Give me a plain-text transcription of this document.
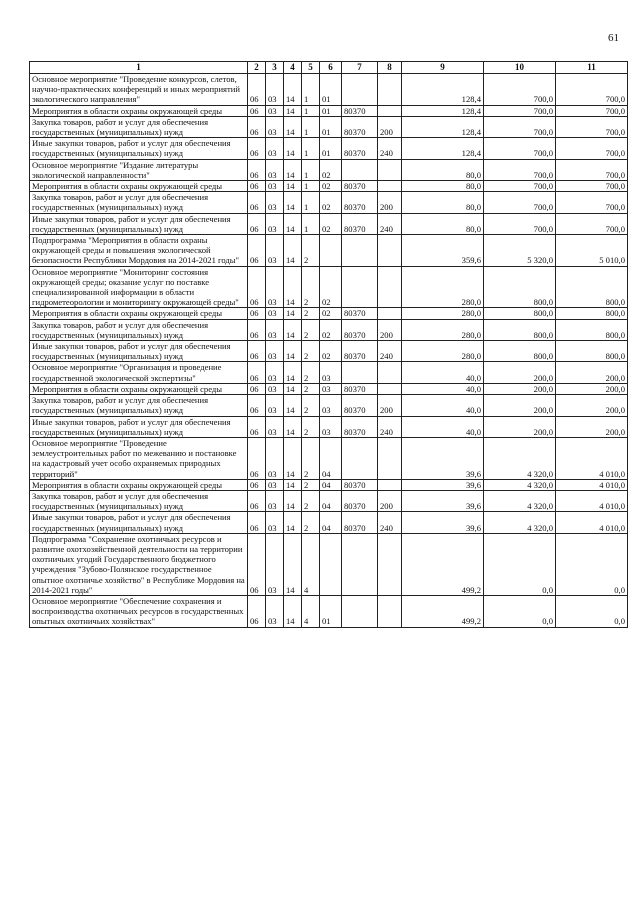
61
1	2	3	4	5	6	7	8	9	10	11
Основное мероприятие "Проведение конкурсов, слетов, научно-практических конференций и иных мероприятий экологического направления"	06	03	14	1	01			128,4	700,0	700,0
Мероприятия в области охраны окружающей среды	06	03	14	1	01	80370		128,4	700,0	700,0
Закупка товаров, работ и услуг для обеспечения государственных (муниципальных) нужд	06	03	14	1	01	80370	200	128,4	700,0	700,0
Иные закупки товаров, работ и услуг для обеспечения государственных (муниципальных) нужд	06	03	14	1	01	80370	240	128,4	700,0	700,0
Основное мероприятие "Издание литературы экологической направленности"	06	03	14	1	02			80,0	700,0	700,0
Мероприятия в области охраны окружающей среды	06	03	14	1	02	80370		80,0	700,0	700,0
Закупка товаров, работ и услуг для обеспечения государственных (муниципальных) нужд	06	03	14	1	02	80370	200	80,0	700,0	700,0
Иные закупки товаров, работ и услуг для обеспечения государственных (муниципальных) нужд	06	03	14	1	02	80370	240	80,0	700,0	700,0
Подпрограмма "Мероприятия в области охраны окружающей среды и повышения экологической безопасности Республики Мордовия на 2014-2021 годы"	06	03	14	2				359,6	5 320,0	5 010,0
Основное мероприятие "Мониторинг состояния окружающей среды; оказание услуг по поставке специализированной информации в области гидрометеорологии и мониторингу окружающей среды"	06	03	14	2	02			280,0	800,0	800,0
Мероприятия в области охраны окружающей среды	06	03	14	2	02	80370		280,0	800,0	800,0
Закупка товаров, работ и услуг для обеспечения государственных (муниципальных) нужд	06	03	14	2	02	80370	200	280,0	800,0	800,0
Иные закупки товаров, работ и услуг для обеспечения государственных (муниципальных) нужд	06	03	14	2	02	80370	240	280,0	800,0	800,0
Основное мероприятие "Организация и проведение государственной экологической экспертизы"	06	03	14	2	03			40,0	200,0	200,0
Мероприятия в области охраны окружающей среды	06	03	14	2	03	80370		40,0	200,0	200,0
Закупка товаров, работ и услуг для обеспечения государственных (муниципальных) нужд	06	03	14	2	03	80370	200	40,0	200,0	200,0
Иные закупки товаров, работ и услуг для обеспечения государственных (муниципальных) нужд	06	03	14	2	03	80370	240	40,0	200,0	200,0
Основное мероприятие "Проведение землеустроительных работ по межеванию и постановке на кадастровый учет особо охраняемых природных территорий"	06	03	14	2	04			39,6	4 320,0	4 010,0
Мероприятия в области охраны окружающей среды	06	03	14	2	04	80370		39,6	4 320,0	4 010,0
Закупка товаров, работ и услуг для обеспечения государственных (муниципальных) нужд	06	03	14	2	04	80370	200	39,6	4 320,0	4 010,0
Иные закупки товаров, работ и услуг для обеспечения государственных (муниципальных) нужд	06	03	14	2	04	80370	240	39,6	4 320,0	4 010,0
Подпрограмма "Сохранение охотничьих ресурсов и развитие охотхозяйственной деятельности на территории охотничьих угодий Государственного бюджетного учреждения "Зубово-Полянское государственное опытное охотничье хозяйство" в Республике Мордовия на 2014-2021 годы"	06	03	14	4				499,2	0,0	0,0
Основное мероприятие "Обеспечение сохранения и воспроизводства охотничьих ресурсов в государственных опытных охотничьих хозяйствах"	06	03	14	4	01			499,2	0,0	0,0
